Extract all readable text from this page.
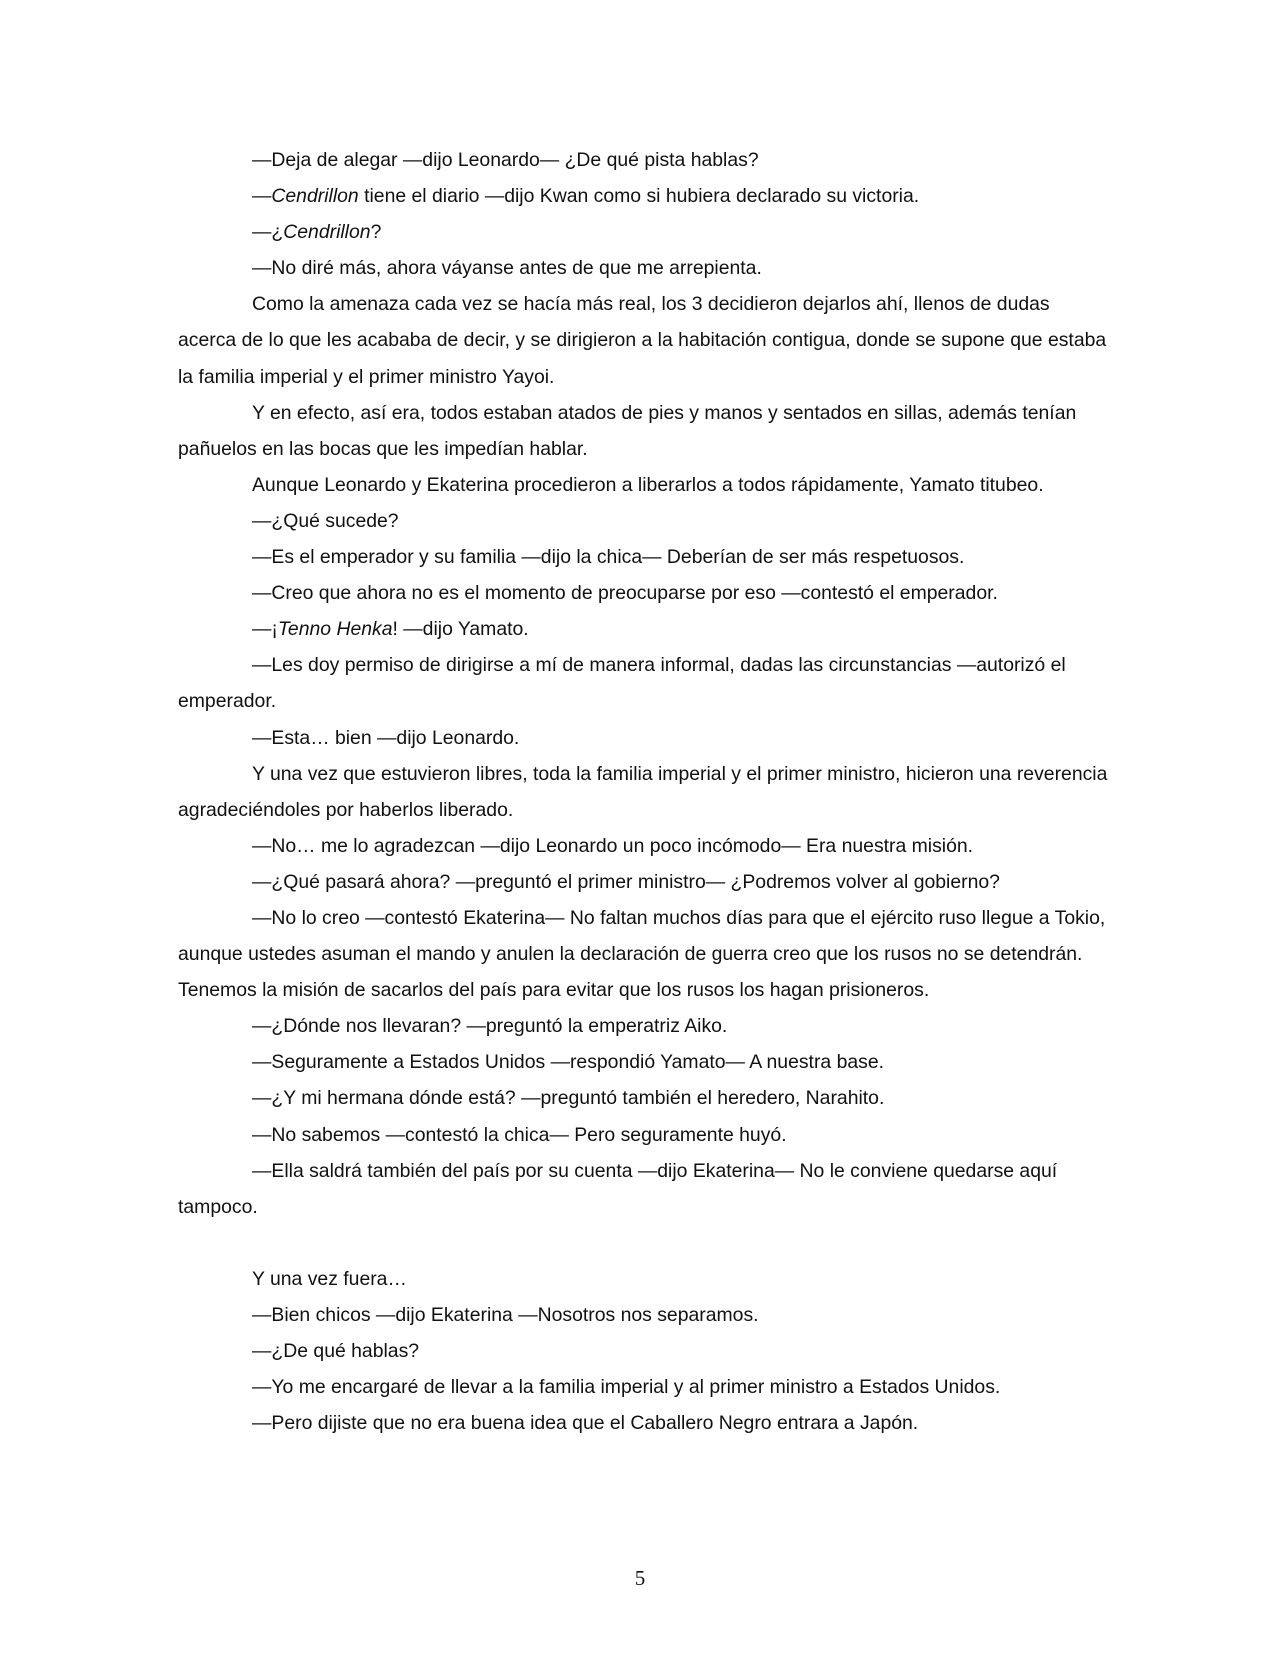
—Deja de alegar —dijo Leonardo— ¿De qué pista hablas?

—Cendrillon tiene el diario —dijo Kwan como si hubiera declarado su victoria.

—¿Cendrillon?

—No diré más, ahora váyanse antes de que me arrepienta.

Como la amenaza cada vez se hacía más real, los 3 decidieron dejarlos ahí, llenos de dudas acerca de lo que les acababa de decir, y se dirigieron a la habitación contigua, donde se supone que estaba la familia imperial y el primer ministro Yayoi.

Y en efecto, así era, todos estaban atados de pies y manos y sentados en sillas, además tenían pañuelos en las bocas que les impedían hablar.

Aunque Leonardo y Ekaterina procedieron a liberarlos a todos rápidamente, Yamato titubeo.

—¿Qué sucede?

—Es el emperador y su familia —dijo la chica— Deberían de ser más respetuosos.

—Creo que ahora no es el momento de preocuparse por eso —contestó el emperador.

—¡Tenno Henka! —dijo Yamato.

—Les doy permiso de dirigirse a mí de manera informal, dadas las circunstancias —autorizó el emperador.

—Esta… bien —dijo Leonardo.

Y una vez que estuvieron libres, toda la familia imperial y el primer ministro, hicieron una reverencia agradeciéndoles por haberlos liberado.

—No… me lo agradezcan —dijo Leonardo un poco incómodo— Era nuestra misión.

—¿Qué pasará ahora? —preguntó el primer ministro— ¿Podremos volver al gobierno?

—No lo creo —contestó Ekaterina— No faltan muchos días para que el ejército ruso llegue a Tokio, aunque ustedes asuman el mando y anulen la declaración de guerra creo que los rusos no se detendrán. Tenemos la misión de sacarlos del país para evitar que los rusos los hagan prisioneros.

—¿Dónde nos llevaran? —preguntó la emperatriz Aiko.

—Seguramente a Estados Unidos —respondió Yamato— A nuestra base.

—¿Y mi hermana dónde está? —preguntó también el heredero, Narahito.

—No sabemos —contestó la chica— Pero seguramente huyó.

—Ella saldrá también del país por su cuenta —dijo Ekaterina— No le conviene quedarse aquí tampoco.

Y una vez fuera…

—Bien chicos —dijo Ekaterina —Nosotros nos separamos.

—¿De qué hablas?

—Yo me encargaré de llevar a la familia imperial y al primer ministro a Estados Unidos.

—Pero dijiste que no era buena idea que el Caballero Negro entrara a Japón.

5
